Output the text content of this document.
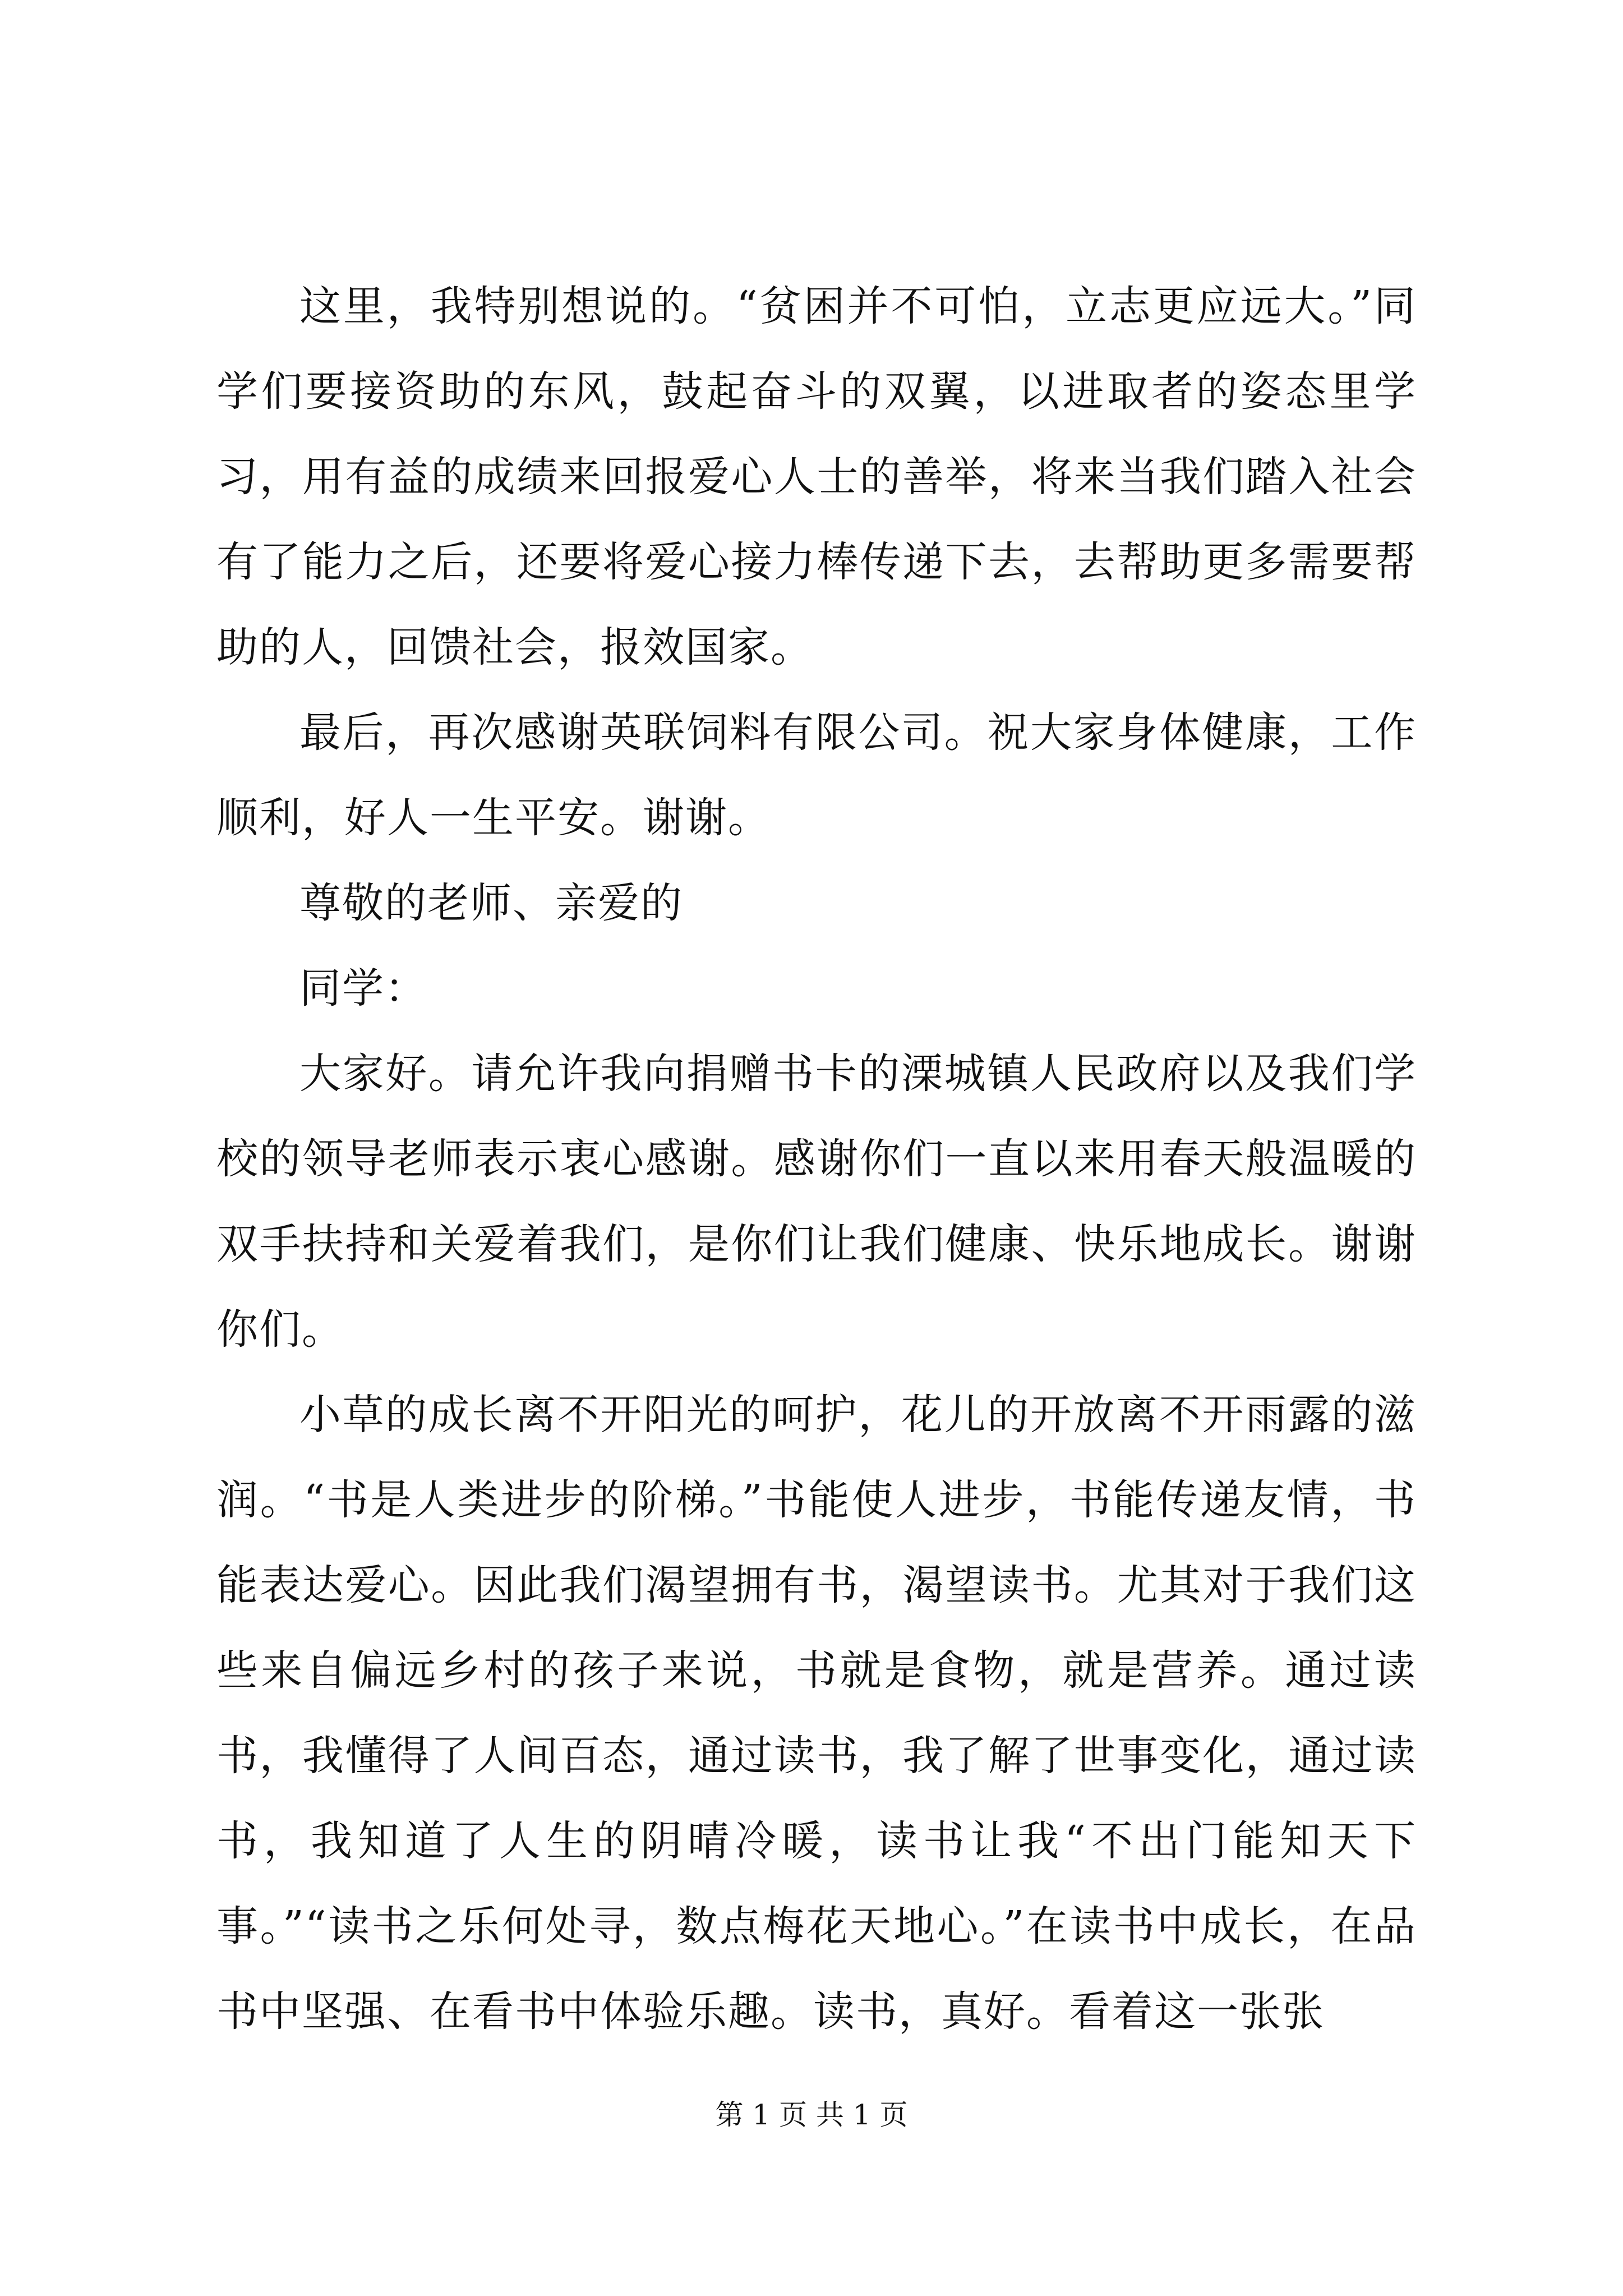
这里，我特别想说的。“贫困并不可怕，立志更应远大。”同学们要接资助的东风，鼓起奋斗的双翼，以进取者的姿态里学习，用有益的成绩来回报爱心人士的善举，将来当我们踏入社会有了能力之后，还要将爱心接力棒传递下去，去帮助更多需要帮助的人，回馈社会，报效国家。

最后，再次感谢英联饲料有限公司。祝大家身体健康，工作顺利，好人一生平安。谢谢。

尊敬的老师、亲爱的

同学：

大家好。请允许我向捐赠书卡的溧城镇人民政府以及我们学校的领导老师表示衷心感谢。感谢你们一直以来用春天般温暖的双手扶持和关爱着我们，是你们让我们健康、快乐地成长。谢谢你们。

小草的成长离不开阳光的呵护，花儿的开放离不开雨露的滋润。“书是人类进步的阶梯。”书能使人进步，书能传递友情，书能表达爱心。因此我们渴望拥有书，渴望读书。尤其对于我们这些来自偏远乡村的孩子来说，书就是食物，就是营养。通过读书，我懂得了人间百态，通过读书，我了解了世事变化，通过读书，我知道了人生的阴晴冷暖，读书让我“不出门能知天下事。”“读书之乐何处寻，数点梅花天地心。”在读书中成长，在品书中坚强、在看书中体验乐趣。读书，真好。看着这一张张

第 1 页 共 1 页
